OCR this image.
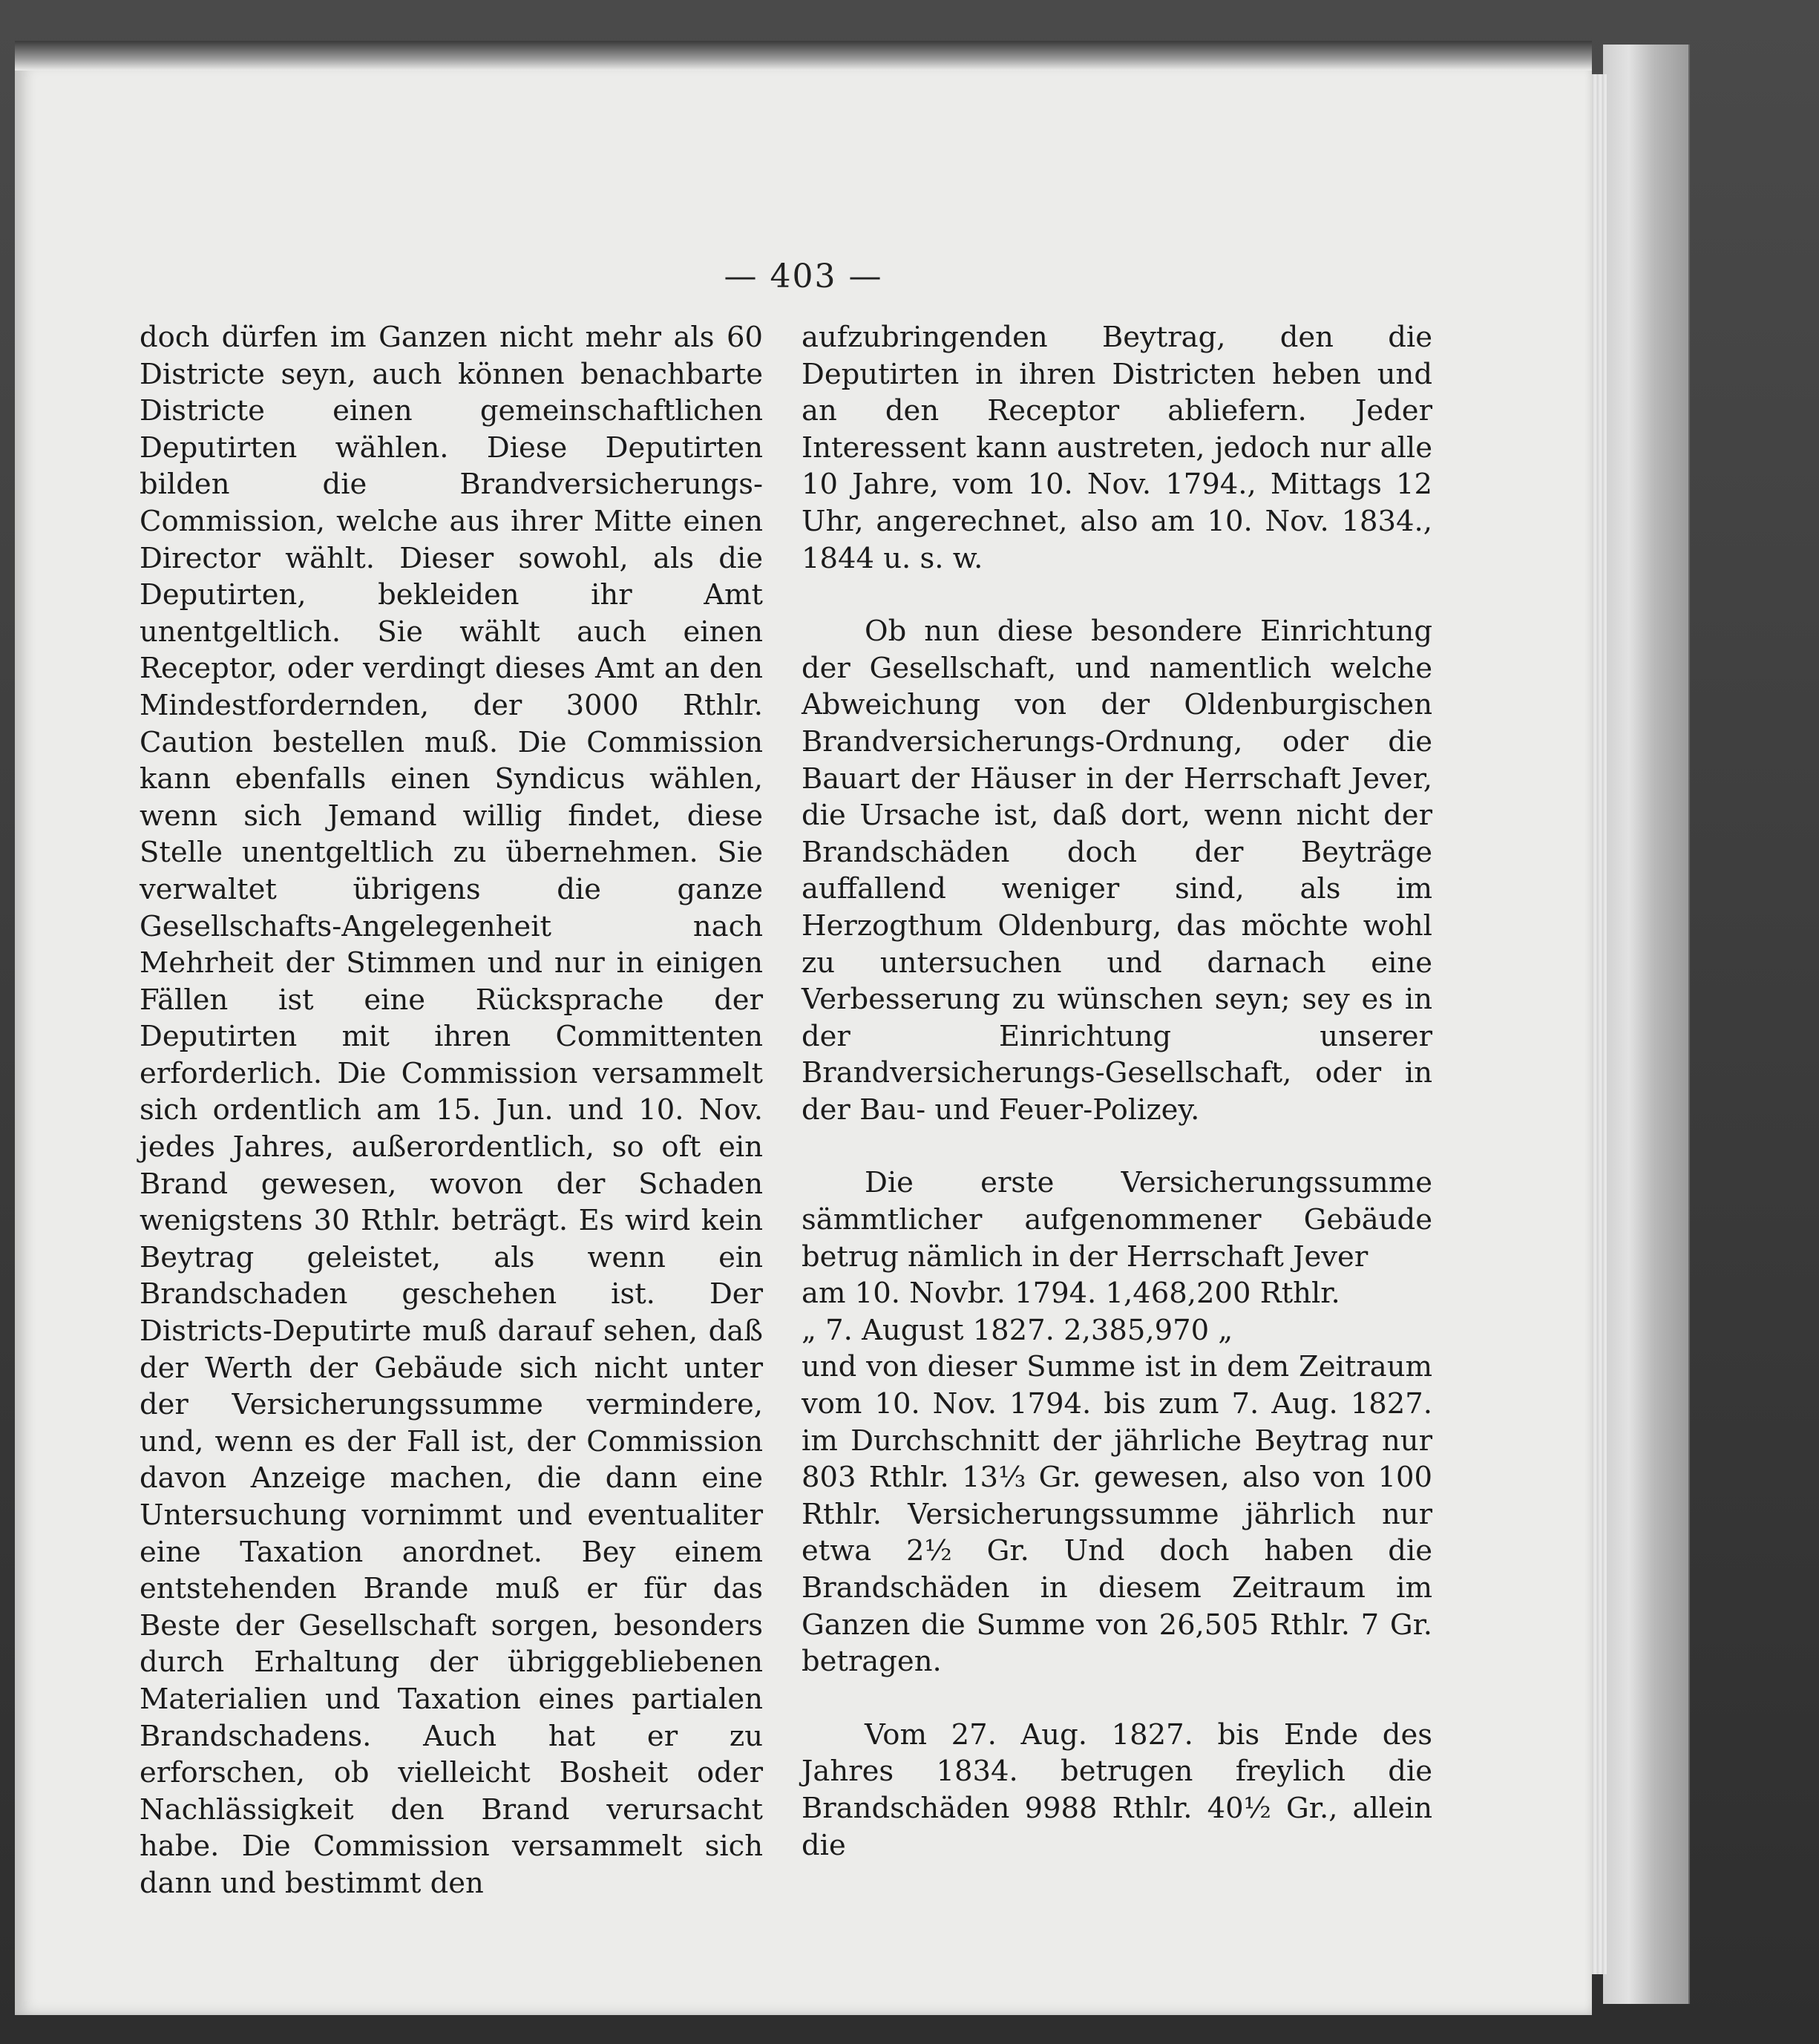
— 403 —

doch dürfen im Ganzen nicht mehr als 60 Districte seyn, auch können benachbarte Districte einen gemeinschaftlichen Deputirten wählen. Diese Deputirten bilden die Brandversicherungs-Commission, welche aus ihrer Mitte einen Director wählt. Dieser sowohl, als die Deputirten, bekleiden ihr Amt unentgeltlich. Sie wählt auch einen Receptor, oder verdingt dieses Amt an den Mindestfordernden, der 3000 Rthlr. Caution bestellen muß. Die Commission kann ebenfalls einen Syndicus wählen, wenn sich Jemand willig findet, diese Stelle unentgeltlich zu übernehmen. Sie verwaltet übrigens die ganze Gesellschafts-Angelegenheit nach Mehrheit der Stimmen und nur in einigen Fällen ist eine Rücksprache der Deputirten mit ihren Committenten erforderlich. Die Commission versammelt sich ordentlich am 15. Jun. und 10. Nov. jedes Jahres, außerordentlich, so oft ein Brand gewesen, wovon der Schaden wenigstens 30 Rthlr. beträgt. Es wird kein Beytrag geleistet, als wenn ein Brandschaden geschehen ist. Der Districts-Deputirte muß darauf sehen, daß der Werth der Gebäude sich nicht unter der Versicherungssumme vermindere, und, wenn es der Fall ist, der Commission davon Anzeige machen, die dann eine Untersuchung vornimmt und eventualiter eine Taxation anordnet. Bey einem entstehenden Brande muß er für das Beste der Gesellschaft sorgen, besonders durch Erhaltung der übriggebliebenen Materialien und Taxation eines partialen Brandschadens. Auch hat er zu erforschen, ob vielleicht Bosheit oder Nachlässigkeit den Brand verursacht habe. Die Commission versammelt sich dann und bestimmt den

aufzubringenden Beytrag, den die Deputirten in ihren Districten heben und an den Receptor abliefern. Jeder Interessent kann austreten, jedoch nur alle 10 Jahre, vom 10. Nov. 1794., Mittags 12 Uhr, angerechnet, also am 10. Nov. 1834., 1844 u. s. w.

Ob nun diese besondere Einrichtung der Gesellschaft, und namentlich welche Abweichung von der Oldenburgischen Brandversicherungs-Ordnung, oder die Bauart der Häuser in der Herrschaft Jever, die Ursache ist, daß dort, wenn nicht der Brandschäden doch der Beyträge auffallend weniger sind, als im Herzogthum Oldenburg, das möchte wohl zu untersuchen und darnach eine Verbesserung zu wünschen seyn; sey es in der Einrichtung unserer Brandversicherungs-Gesellschaft, oder in der Bau- und Feuer-Polizey.

Die erste Versicherungssumme sämmtlicher aufgenommener Gebäude betrug nämlich in der Herrschaft Jever

am 10. Novbr. 1794. 1,468,200 Rthlr.
„ 7. August 1827. 2,385,970 „

und von dieser Summe ist in dem Zeitraum vom 10. Nov. 1794. bis zum 7. Aug. 1827. im Durchschnitt der jährliche Beytrag nur 803 Rthlr. 13⅓ Gr. gewesen, also von 100 Rthlr. Versicherungssumme jährlich nur etwa 2½ Gr. Und doch haben die Brandschäden in diesem Zeitraum im Ganzen die Summe von 26,505 Rthlr. 7 Gr. betragen.

Vom 27. Aug. 1827. bis Ende des Jahres 1834. betrugen freylich die Brandschäden 9988 Rthlr. 40½ Gr., allein die
